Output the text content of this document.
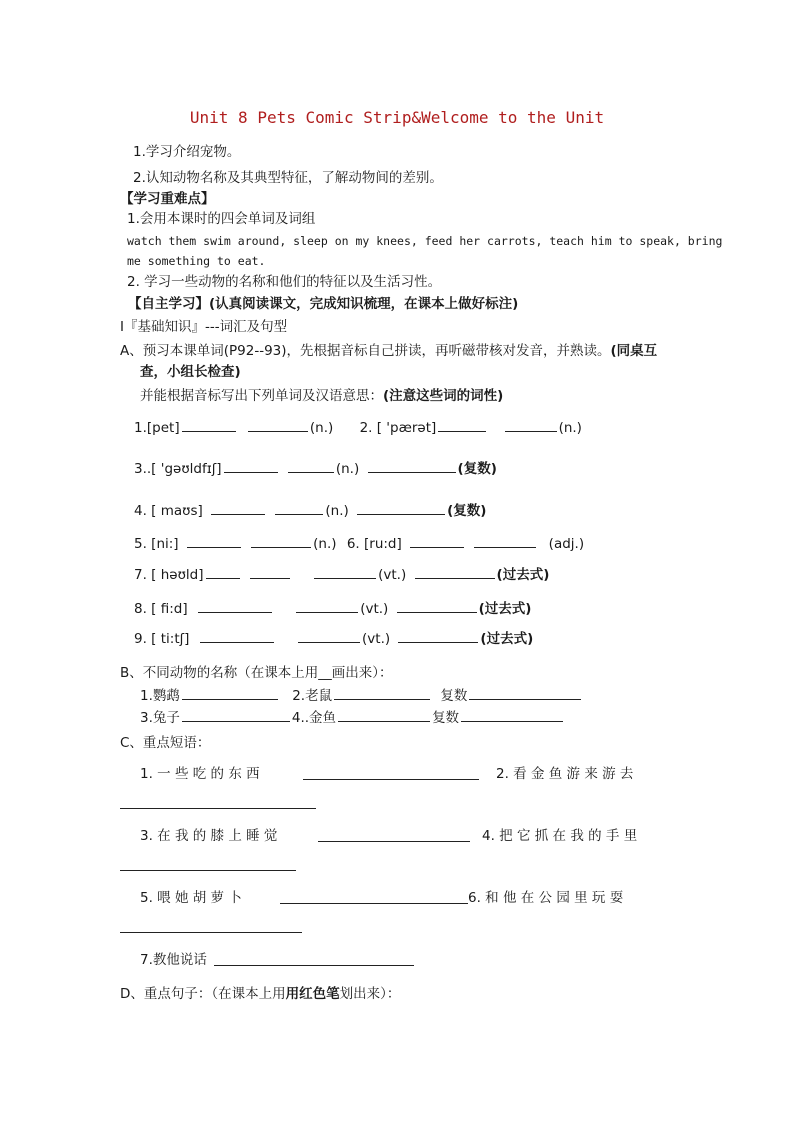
Unit 8 Pets Comic Strip&Welcome to the Unit
1.学习介绍宠物。
2.认知动物名称及其典型特征，了解动物间的差别。
【学习重难点】
1.会用本课时的四会单词及词组
watch them swim around, sleep on my knees, feed her carrots, teach him to speak, bring
me something to eat.
2. 学习一些动物的名称和他们的特征以及生活习性。
【自主学习】(认真阅读课文，完成知识梳理，在课本上做好标注)
I『基础知识』---词汇及句型
A、预习本课单词(P92--93)，先根据音标自己拼读，再听磁带核对发音，并熟读。(同桌互
查，小组长检查)
并能根据音标写出下列单词及汉语意思：(注意这些词的词性)
1.[pet]	(n.) 2. [ 'pærət]	(n.)
3..[ 'gəʊldfɪʃ]	(n.)	(复数)
4. [ maʊs]	(n.)	(复数)
5. [ni:]	(n.) 6. [ru:d]	(adj.)
7. [ həʊld]	(vt.)	(过去式)
8. [ fi:d]	(vt.)	(过去式)
9. [ ti:tʃ]	(vt.)	(过去式)
B、不同动物的名称（在课本上用__画出来）：
1.鹦鹉	2.老鼠	复数
3.兔子	4..金鱼	复数
C、重点短语：
1. 一 些 吃 的 东 西	2. 看 金 鱼 游 来 游 去
3. 在 我 的 膝 上 睡 觉	4. 把 它 抓 在 我 的 手 里
5. 喂 她 胡 萝 卜	6. 和 他 在 公 园 里 玩 耍
7.教他说话
D、重点句子：（在课本上用用红色笔划出来）：
